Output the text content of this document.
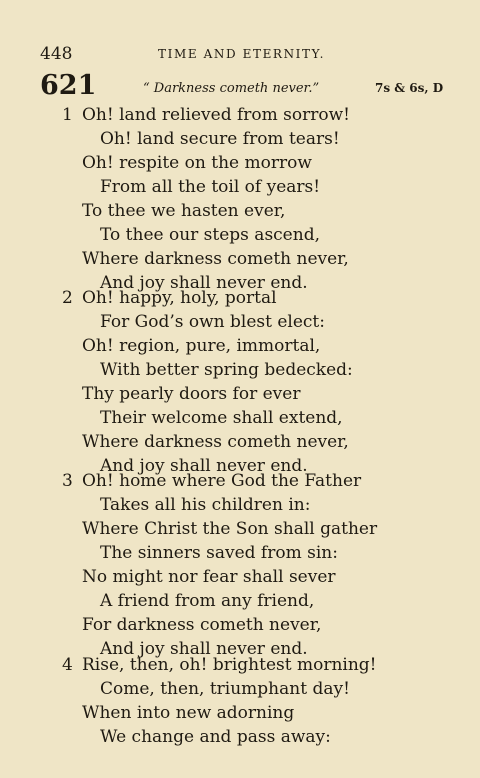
448	TIME AND ETERNITY.
621	“ Darkness cometh never.”	7s & 6s, D
1 Oh! land relieved from sorrow!
Oh! land secure from tears!
Oh! respite on the morrow
From all the toil of years!
To thee we hasten ever,
To thee our steps ascend,
Where darkness cometh never,
And joy shall never end.
2 Oh! happy, holy, portal
For God’s own blest elect:
Oh! region, pure, immortal,
With better spring bedecked:
Thy pearly doors for ever
Their welcome shall extend,
Where darkness cometh never,
And joy shall never end.
3 Oh! home where God the Father
Takes all his children in:
Where Christ the Son shall gather
The sinners saved from sin:
No might nor fear shall sever
A friend from any friend,
For darkness cometh never,
And joy shall never end.
4 Rise, then, oh! brightest morning!
Come, then, triumphant day!
When into new adorning
We change and pass away:
